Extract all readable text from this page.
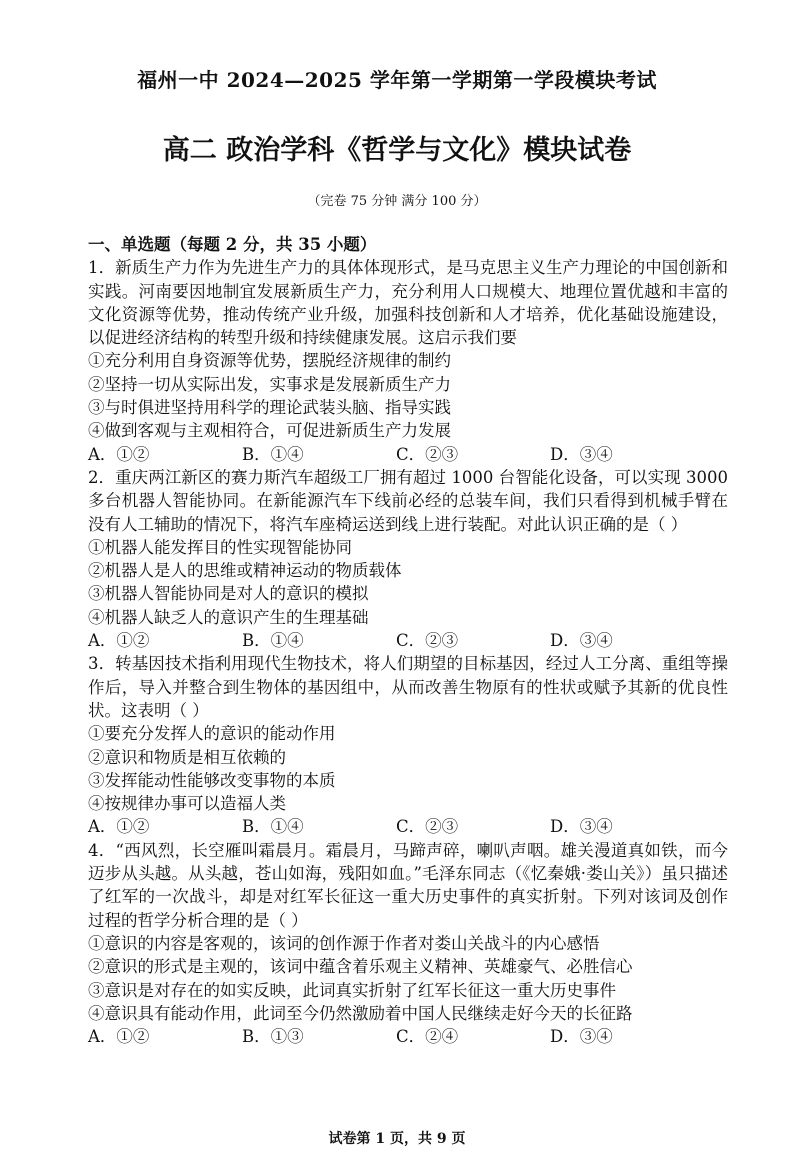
福州一中 2024—2025 学年第一学期第一学段模块考试
高二 政治学科《哲学与文化》模块试卷
（完卷 75 分钟 满分 100 分）

一、单选题（每题 2 分，共 35 小题）

1．新质生产力作为先进生产力的具体体现形式，是马克思主义生产力理论的中国创新和实践。河南要因地制宜发展新质生产力，充分利用人口规模大、地理位置优越和丰富的文化资源等优势，推动传统产业升级，加强科技创新和人才培养，优化基础设施建设，以促进经济结构的转型升级和持续健康发展。这启示我们要

①充分利用自身资源等优势，摆脱经济规律的制约

②坚持一切从实际出发，实事求是发展新质生产力

③与时俱进坚持用科学的理论武装头脑、指导实践

④做到客观与主观相符合，可促进新质生产力发展

A．①②	B．①④	C．②③	D．③④

2．重庆两江新区的赛力斯汽车超级工厂拥有超过 1000 台智能化设备，可以实现 3000 多台机器人智能协同。在新能源汽车下线前必经的总装车间，我们只看得到机械手臂在没有人工辅助的情况下，将汽车座椅运送到线上进行装配。对此认识正确的是（ ）

①机器人能发挥目的性实现智能协同

②机器人是人的思维或精神运动的物质载体

③机器人智能协同是对人的意识的模拟

④机器人缺乏人的意识产生的生理基础

A．①②	B．①④	C．②③	D．③④

3．转基因技术指利用现代生物技术，将人们期望的目标基因，经过人工分离、重组等操作后，导入并整合到生物体的基因组中，从而改善生物原有的性状或赋予其新的优良性状。这表明（ ）

①要充分发挥人的意识的能动作用

②意识和物质是相互依赖的

③发挥能动性能够改变事物的本质

④按规律办事可以造福人类

A．①②	B．①④	C．②③	D．③④

4．“西风烈，长空雁叫霜晨月。霜晨月，马蹄声碎，喇叭声咽。雄关漫道真如铁，而今迈步从头越。从头越，苍山如海，残阳如血。”毛泽东同志（《忆秦娥·娄山关》）虽只描述了红军的一次战斗，却是对红军长征这一重大历史事件的真实折射。下列对该词及创作过程的哲学分析合理的是（ ）

①意识的内容是客观的，该词的创作源于作者对娄山关战斗的内心感悟

②意识的形式是主观的，该词中蕴含着乐观主义精神、英雄豪气、必胜信心

③意识是对存在的如实反映，此词真实折射了红军长征这一重大历史事件

④意识具有能动作用，此词至今仍然激励着中国人民继续走好今天的长征路

A．①②	B．①③	C．②④	D．③④
试卷第 1 页，共 9 页
